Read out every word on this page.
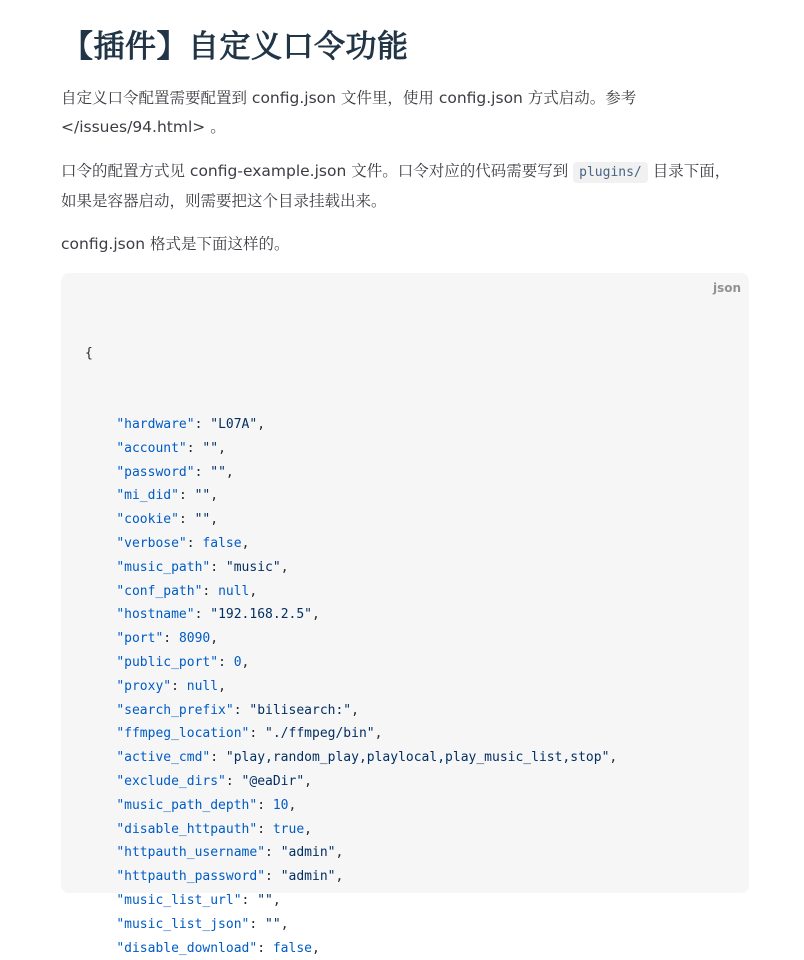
【插件】自定义口令功能
自定义口令配置需要配置到 config.json 文件里，使用 config.json 方式启动。参考
</issues/94.html> 。
口令的配置方式见 config-example.json 文件。口令对应的代码需要写到 plugins/ 目录下面，
如果是容器启动，则需要把这个目录挂载出来。
config.json 格式是下面这样的。
json

{

"hardware": "L07A",
"account": "",
"password": "",
"mi_did": "",
"cookie": "",
"verbose": false,
"music_path": "music",
"conf_path": null,
"hostname": "192.168.2.5",
"port": 8090,
"public_port": 0,
"proxy": null,
"search_prefix": "bilisearch:",
"ffmpeg_location": "./ffmpeg/bin",
"active_cmd": "play,random_play,playlocal,play_music_list,stop",
"exclude_dirs": "@eaDir",
"music_path_depth": 10,
"disable_httpauth": true,
"httpauth_username": "admin",
"httpauth_password": "admin",
"music_list_url": "",
"music_list_json": "",
"disable_download": false,
